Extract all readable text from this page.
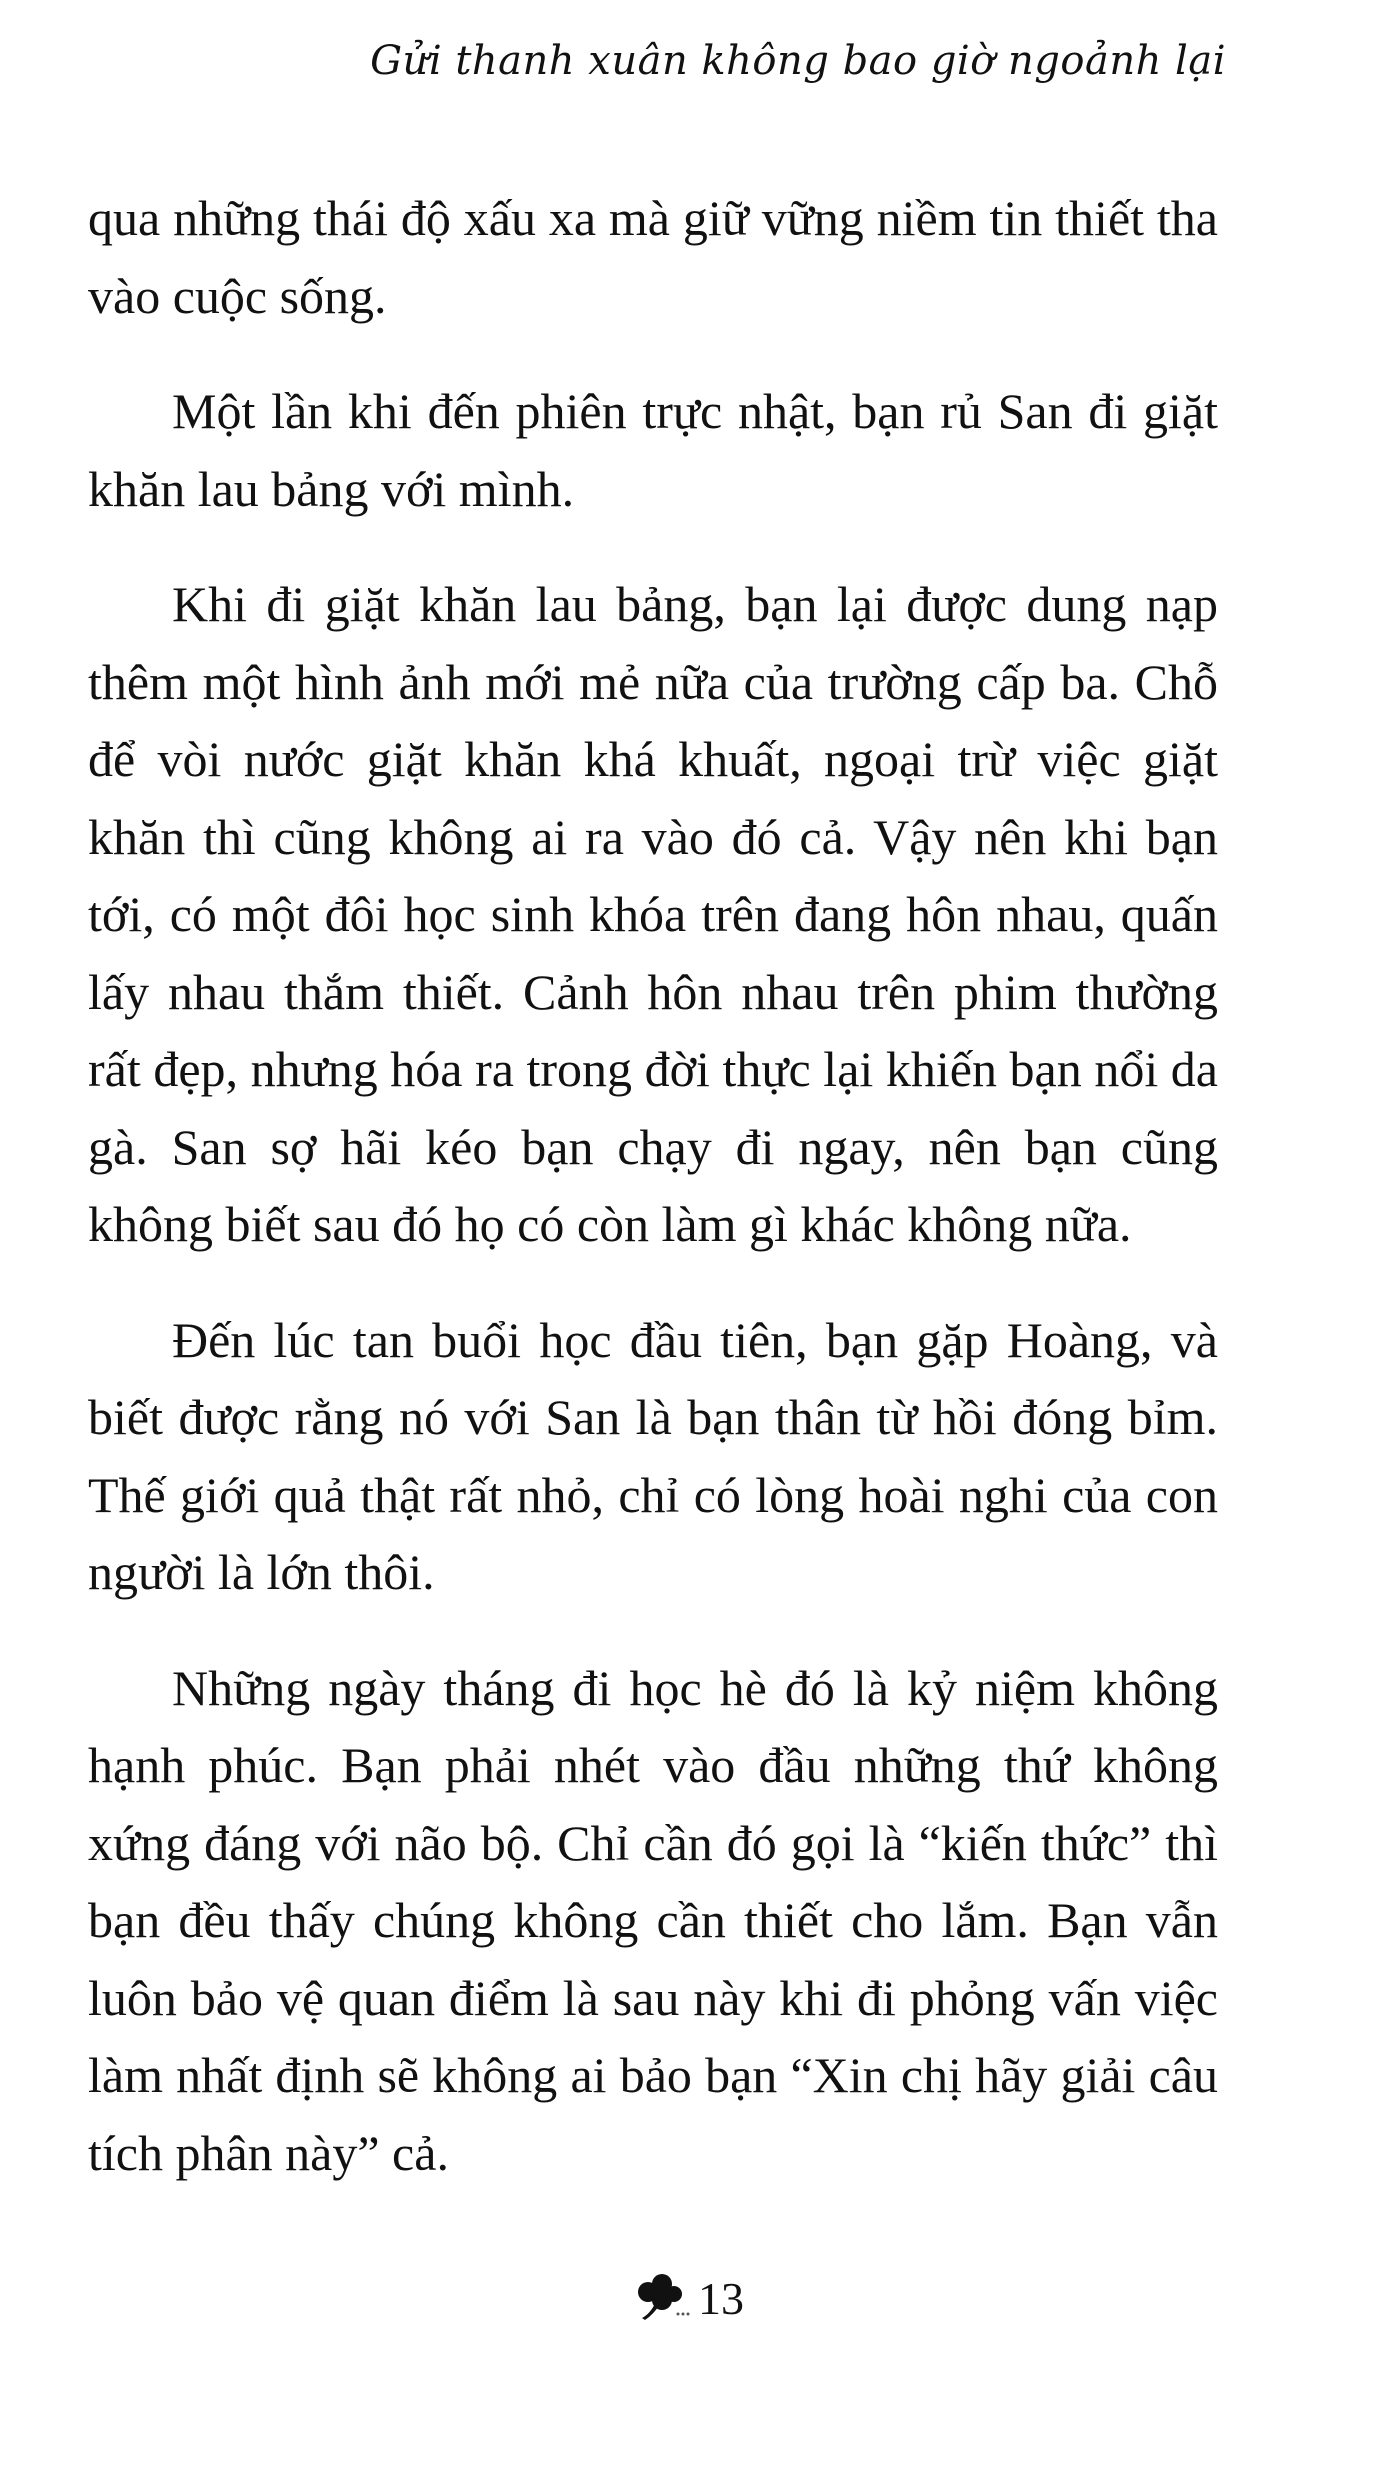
Gửi thanh xuân không bao giờ ngoảnh lại

qua những thái độ xấu xa mà giữ vững niềm tin thiết tha vào cuộc sống.

Một lần khi đến phiên trực nhật, bạn rủ San đi giặt khăn lau bảng với mình.

Khi đi giặt khăn lau bảng, bạn lại được dung nạp thêm một hình ảnh mới mẻ nữa của trường cấp ba. Chỗ để vòi nước giặt khăn khá khuất, ngoại trừ việc giặt khăn thì cũng không ai ra vào đó cả. Vậy nên khi bạn tới, có một đôi học sinh khóa trên đang hôn nhau, quấn lấy nhau thắm thiết. Cảnh hôn nhau trên phim thường rất đẹp, nhưng hóa ra trong đời thực lại khiến bạn nổi da gà. San sợ hãi kéo bạn chạy đi ngay, nên bạn cũng không biết sau đó họ có còn làm gì khác không nữa.

Đến lúc tan buổi học đầu tiên, bạn gặp Hoàng, và biết được rằng nó với San là bạn thân từ hồi đóng bỉm. Thế giới quả thật rất nhỏ, chỉ có lòng hoài nghi của con người là lớn thôi.

Những ngày tháng đi học hè đó là kỷ niệm không hạnh phúc. Bạn phải nhét vào đầu những thứ không xứng đáng với não bộ. Chỉ cần đó gọi là “kiến thức” thì bạn đều thấy chúng không cần thiết cho lắm. Bạn vẫn luôn bảo vệ quan điểm là sau này khi đi phỏng vấn việc làm nhất định sẽ không ai bảo bạn “Xin chị hãy giải câu tích phân này” cả.

13
